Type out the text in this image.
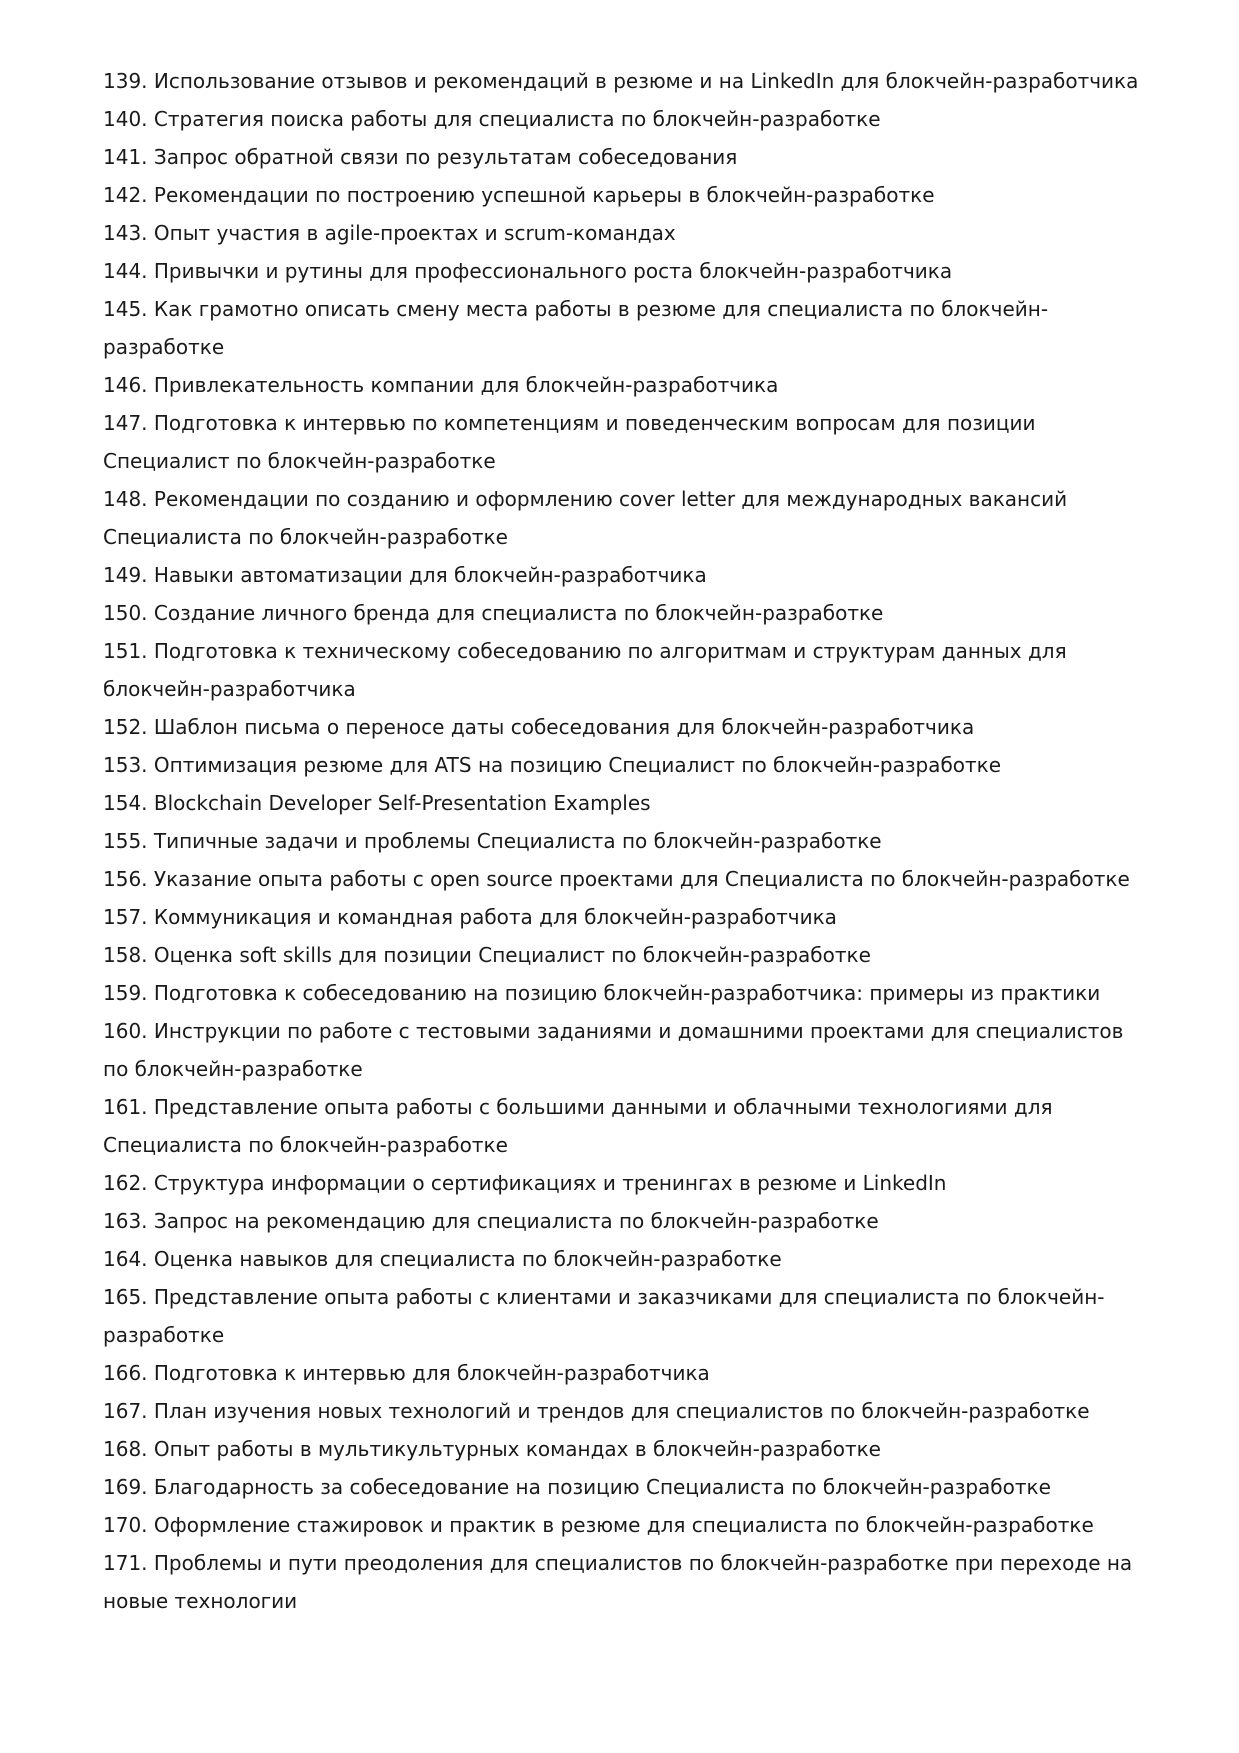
139. Использование отзывов и рекомендаций в резюме и на LinkedIn для блокчейн-разработчика
140. Стратегия поиска работы для специалиста по блокчейн-разработке
141. Запрос обратной связи по результатам собеседования
142. Рекомендации по построению успешной карьеры в блокчейн-разработке
143. Опыт участия в agile-проектах и scrum-командах
144. Привычки и рутины для профессионального роста блокчейн-разработчика
145. Как грамотно описать смену места работы в резюме для специалиста по блокчейн-разработке
146. Привлекательность компании для блокчейн-разработчика
147. Подготовка к интервью по компетенциям и поведенческим вопросам для позиции Специалист по блокчейн-разработке
148. Рекомендации по созданию и оформлению cover letter для международных вакансий Специалиста по блокчейн-разработке
149. Навыки автоматизации для блокчейн-разработчика
150. Создание личного бренда для специалиста по блокчейн-разработке
151. Подготовка к техническому собеседованию по алгоритмам и структурам данных для блокчейн-разработчика
152. Шаблон письма о переносе даты собеседования для блокчейн-разработчика
153. Оптимизация резюме для ATS на позицию Специалист по блокчейн-разработке
154. Blockchain Developer Self-Presentation Examples
155. Типичные задачи и проблемы Специалиста по блокчейн-разработке
156. Указание опыта работы с open source проектами для Специалиста по блокчейн-разработке
157. Коммуникация и командная работа для блокчейн-разработчика
158. Оценка soft skills для позиции Специалист по блокчейн-разработке
159. Подготовка к собеседованию на позицию блокчейн-разработчика: примеры из практики
160. Инструкции по работе с тестовыми заданиями и домашними проектами для специалистов по блокчейн-разработке
161. Представление опыта работы с большими данными и облачными технологиями для Специалиста по блокчейн-разработке
162. Структура информации о сертификациях и тренингах в резюме и LinkedIn
163. Запрос на рекомендацию для специалиста по блокчейн-разработке
164. Оценка навыков для специалиста по блокчейн-разработке
165. Представление опыта работы с клиентами и заказчиками для специалиста по блокчейн-разработке
166. Подготовка к интервью для блокчейн-разработчика
167. План изучения новых технологий и трендов для специалистов по блокчейн-разработке
168. Опыт работы в мультикультурных командах в блокчейн-разработке
169. Благодарность за собеседование на позицию Специалиста по блокчейн-разработке
170. Оформление стажировок и практик в резюме для специалиста по блокчейн-разработке
171. Проблемы и пути преодоления для специалистов по блокчейн-разработке при переходе на новые технологии
